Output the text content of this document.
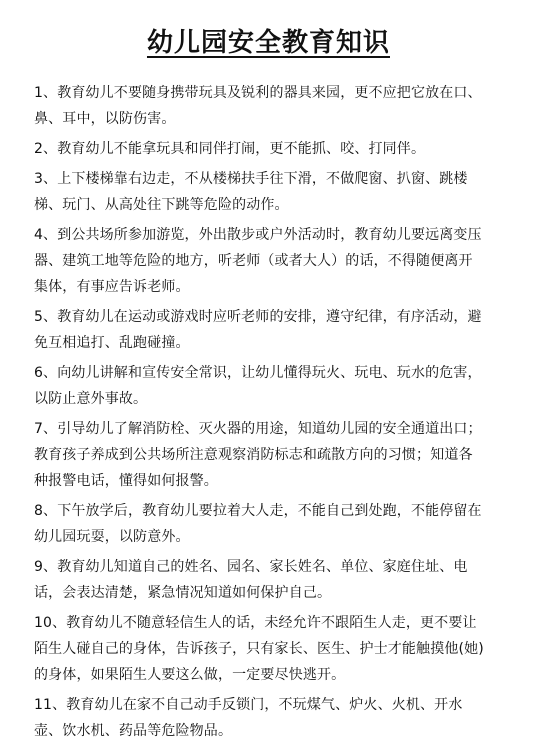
幼儿园安全教育知识
1、教育幼儿不要随身携带玩具及锐利的器具来园，更不应把它放在口、鼻、耳中，以防伤害。
2、教育幼儿不能拿玩具和同伴打闹，更不能抓、咬、打同伴。
3、上下楼梯靠右边走，不从楼梯扶手往下滑，不做爬窗、扒窗、跳楼梯、玩门、从高处往下跳等危险的动作。
4、到公共场所参加游览，外出散步或户外活动时，教育幼儿要远离变压器、建筑工地等危险的地方，听老师（或者大人）的话，不得随便离开集体，有事应告诉老师。
5、教育幼儿在运动或游戏时应听老师的安排，遵守纪律，有序活动，避免互相追打、乱跑碰撞。
6、向幼儿讲解和宣传安全常识，让幼儿懂得玩火、玩电、玩水的危害，以防止意外事故。
7、引导幼儿了解消防栓、灭火器的用途，知道幼儿园的安全通道出口；教育孩子养成到公共场所注意观察消防标志和疏散方向的习惯；知道各种报警电话，懂得如何报警。
8、下午放学后，教育幼儿要拉着大人走，不能自己到处跑，不能停留在幼儿园玩耍，以防意外。
9、教育幼儿知道自己的姓名、园名、家长姓名、单位、家庭住址、电话，会表达清楚，紧急情况知道如何保护自己。
10、教育幼儿不随意轻信生人的话，未经允许不跟陌生人走，更不要让陌生人碰自己的身体，告诉孩子，只有家长、医生、护士才能触摸他(她)的身体，如果陌生人要这么做，一定要尽快逃开。
11、教育幼儿在家不自己动手反锁门，不玩煤气、炉火、火机、开水壶、饮水机、药品等危险物品。
